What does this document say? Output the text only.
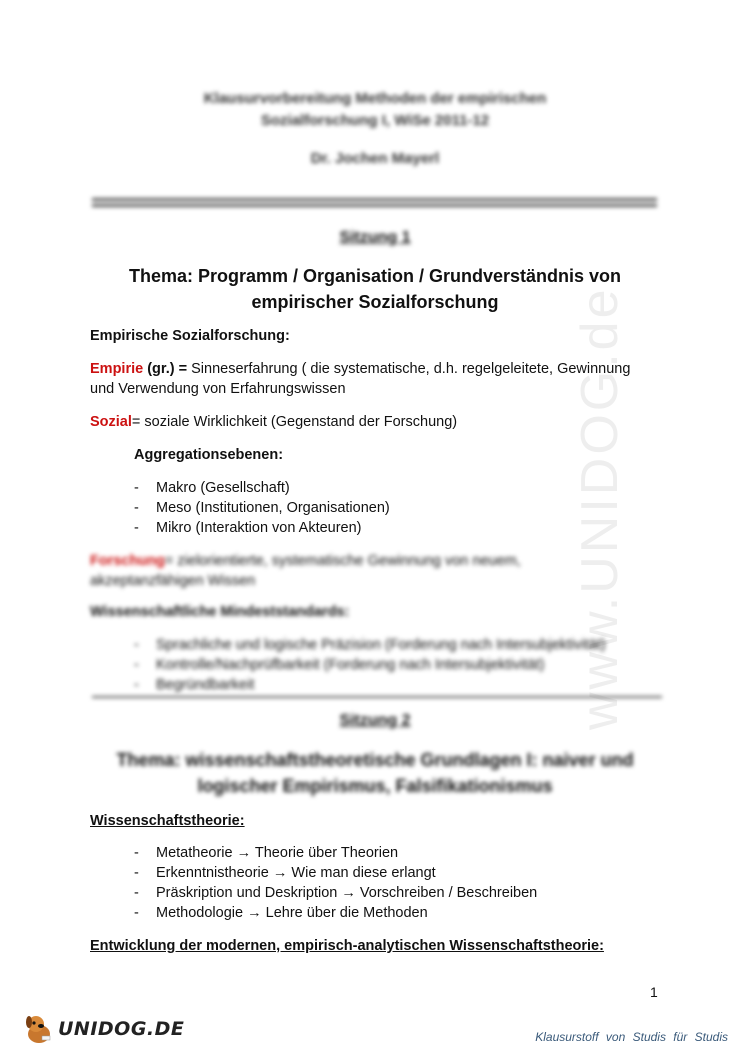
www.UNIDOG.de
Klausurvorbereitung Methoden der empirischen
Sozialforschung I, WiSe 2011-12
Dr. Jochen Mayerl
Sitzung 1
Thema: Programm / Organisation / Grundverständnis von
empirischer Sozialforschung
Empirische Sozialforschung:
Empirie (gr.) = Sinneserfahrung ( die systematische, d.h. regelgeleitete, Gewinnung
und Verwendung von Erfahrungswissen
Sozial= soziale Wirklichkeit (Gegenstand der Forschung)
Aggregationsebenen:
- Makro (Gesellschaft)
- Meso (Institutionen, Organisationen)
- Mikro (Interaktion von Akteuren)
Forschung= zielorientierte, systematische Gewinnung von neuem,
akzeptanzfähigen Wissen
Wissenschaftliche Mindeststandards:
- Sprachliche und logische Präzision (Forderung nach Intersubjektivität)
- Kontrolle/Nachprüfbarkeit (Forderung nach Intersubjektivität)
- Begründbarkeit
Sitzung 2
Thema: wissenschaftstheoretische Grundlagen I: naiver und
logischer Empirismus, Falsifikationismus
Wissenschaftstheorie:
- Metatheorie → Theorie über Theorien
- Erkenntnistheorie → Wie man diese erlangt
- Präskription und Deskription → Vorschreiben / Beschreiben
- Methodologie → Lehre über die Methoden
Entwicklung der modernen, empirisch-analytischen Wissenschaftstheorie:
1
UNIDOG.DE	Klausurstoff von Studis für Studis
